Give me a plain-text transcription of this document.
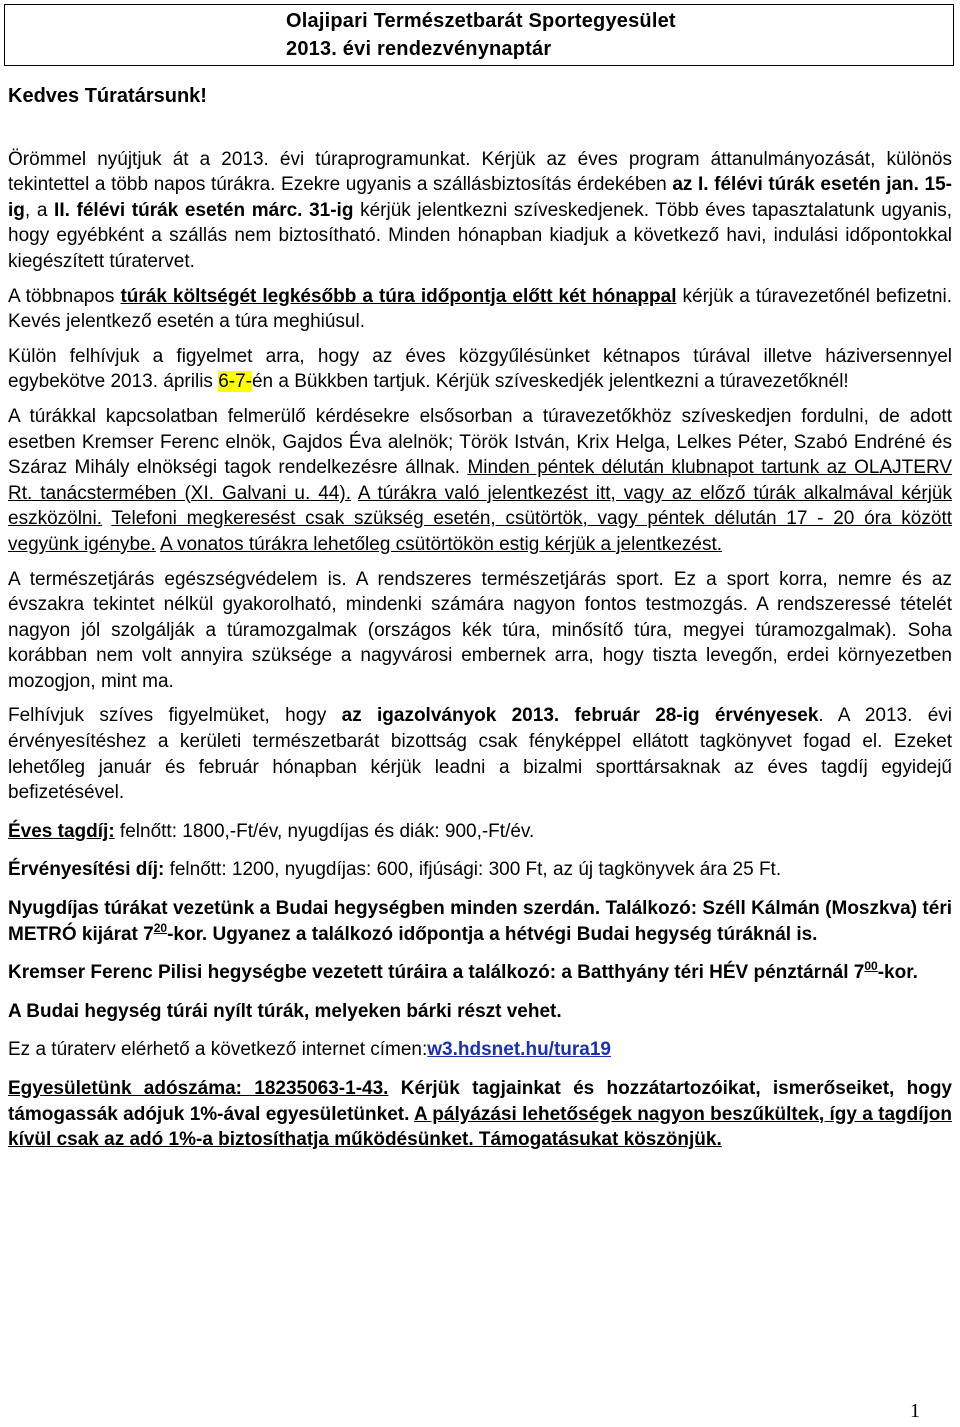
Olajipari Természetbarát Sportegyesület
2013. évi rendezvénynaptár

Kedves Túratársunk!

Örömmel nyújtjuk át a 2013. évi túraprogramunkat. Kérjük az éves program áttanulmányozását, különös tekintettel a több napos túrákra. Ezekre ugyanis a szállásbiztosítás érdekében az I. félévi túrák esetén jan. 15-ig, a II. félévi túrák esetén márc. 31-ig kérjük jelentkezni szíveskedjenek. Több éves tapasztalatunk ugyanis, hogy egyébként a szállás nem biztosítható. Minden hónapban kiadjuk a következő havi, indulási időpontokkal kiegészített túratervet.

A többnapos túrák költségét legkésőbb a túra időpontja előtt két hónappal kérjük a túravezetőnél befizetni. Kevés jelentkező esetén a túra meghiúsul.

Külön felhívjuk a figyelmet arra, hogy az éves közgyűlésünket kétnapos túrával illetve háziversennyel egybekötve 2013. április 6-7-én a Bükkben tartjuk. Kérjük szíveskedjék jelentkezni a túravezetőknél!

A túrákkal kapcsolatban felmerülő kérdésekre elsősorban a túravezetőkhöz szíveskedjen fordulni, de adott esetben Kremser Ferenc elnök, Gajdos Éva alelnök; Török István, Krix Helga, Lelkes Péter, Szabó Endréné és Száraz Mihály elnökségi tagok rendelkezésre állnak. Minden péntek délután klubnapot tartunk az OLAJTERV Rt. tanácstermében (XI. Galvani u. 44). A túrákra való jelentkezést itt, vagy az előző túrák alkalmával kérjük eszközölni. Telefoni megkeresést csak szükség esetén, csütörtök, vagy péntek délután 17 - 20 óra között vegyünk igénybe. A vonatos túrákra lehetőleg csütörtökön estig kérjük a jelentkezést.

A természetjárás egészségvédelem is. A rendszeres természetjárás sport. Ez a sport korra, nemre és az évszakra tekintet nélkül gyakorolható, mindenki számára nagyon fontos testmozgás. A rendszeressé tételét nagyon jól szolgálják a túramozgalmak (országos kék túra, minősítő túra, megyei túramozgalmak). Soha korábban nem volt annyira szüksége a nagyvárosi embernek arra, hogy tiszta levegőn, erdei környezetben mozogjon, mint ma.

Felhívjuk szíves figyelmüket, hogy az igazolványok 2013. február 28-ig érvényesek. A 2013. évi érvényesítéshez a kerületi természetbarát bizottság csak fényképpel ellátott tagkönyvet fogad el. Ezeket lehetőleg január és február hónapban kérjük leadni a bizalmi sporttársaknak az éves tagdíj egyidejű befizetésével.

Éves tagdíj: felnőtt: 1800,-Ft/év, nyugdíjas és diák: 900,-Ft/év.

Érvényesítési díj: felnőtt: 1200, nyugdíjas: 600, ifjúsági: 300 Ft, az új tagkönyvek ára 25 Ft.

Nyugdíjas túrákat vezetünk a Budai hegységben minden szerdán. Találkozó: Széll Kálmán (Moszkva) téri METRÓ kijárat $7^{20}$-kor. Ugyanez a találkozó időpontja a hétvégi Budai hegység túráknál is.

Kremser Ferenc Pilisi hegységbe vezetett túráira a találkozó: a Batthyány téri HÉV pénztárnál $7^{00}$-kor.

A Budai hegység túrái nyílt túrák, melyeken bárki részt vehet.

Ez a túraterv elérhető a következő internet címen:w3.hdsnet.hu/tura19

Egyesületünk adószáma: 18235063-1-43. Kérjük tagjainkat és hozzátartozóikat, ismerőseiket, hogy támogassák adójuk 1%-ával egyesületünket. A pályázási lehetőségek nagyon beszűkültek, így a tagdíjon kívül csak az adó 1%-a biztosíthatja működésünket. Támogatásukat köszönjük.

1
